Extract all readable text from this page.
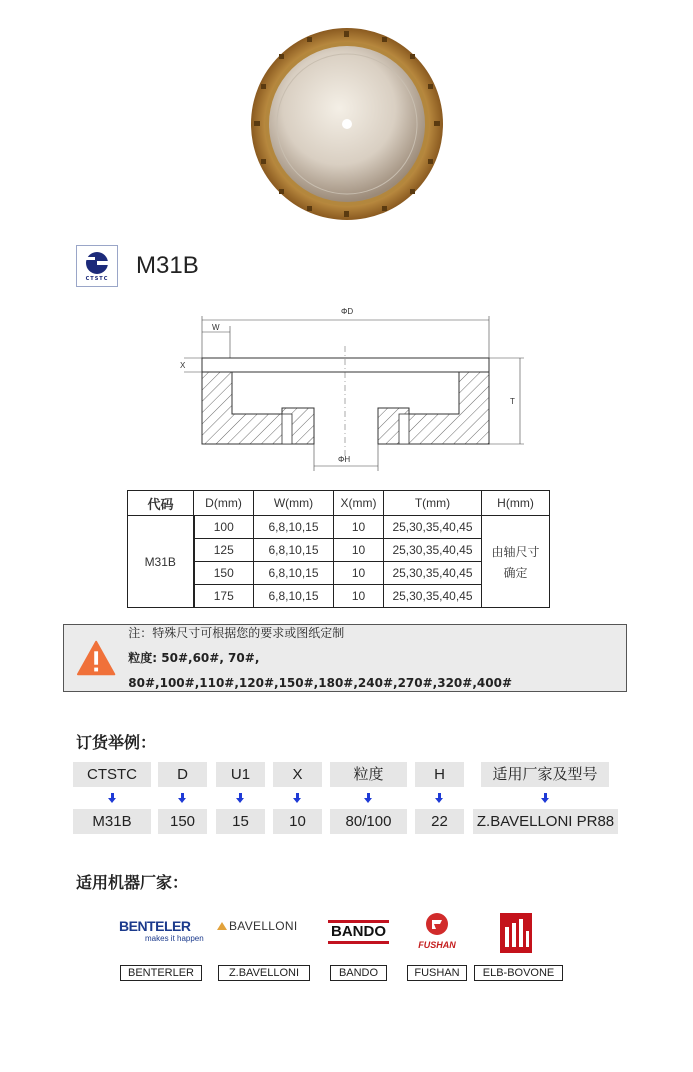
CTSTC M31B
ΦD
W
X
T
ΦH
代码	D(mm)	W(mm)	X(mm)	T(mm)	H(mm)
M31B	100	6,8,10,15	10	25,30,35,40,45	由轴尺寸
确定

	125	6,8,10,15	10	25,30,35,40,45	
	150	6,8,10,15	10	25,30,35,40,45	
	175	6,8,10,15	10	25,30,35,40,45	
注：特殊尺寸可根据您的要求或图纸定制
粒度: 50#,60#, 70#, 80#,100#,110#,120#,150#,180#,240#,270#,320#,400#
订货举例：
CTSTC	D	U1	X	粒度	H	适用厂家及型号
M31B	150	15	10	80/100	22	Z.BAVELLONI PR88
适用机器厂家：
BENTELER
makes it happen
BAVELLONI BANDO
FUSHAN
BENTERLER	Z.BAVELLONI	BANDO	FUSHAN	ELB-BOVONE
